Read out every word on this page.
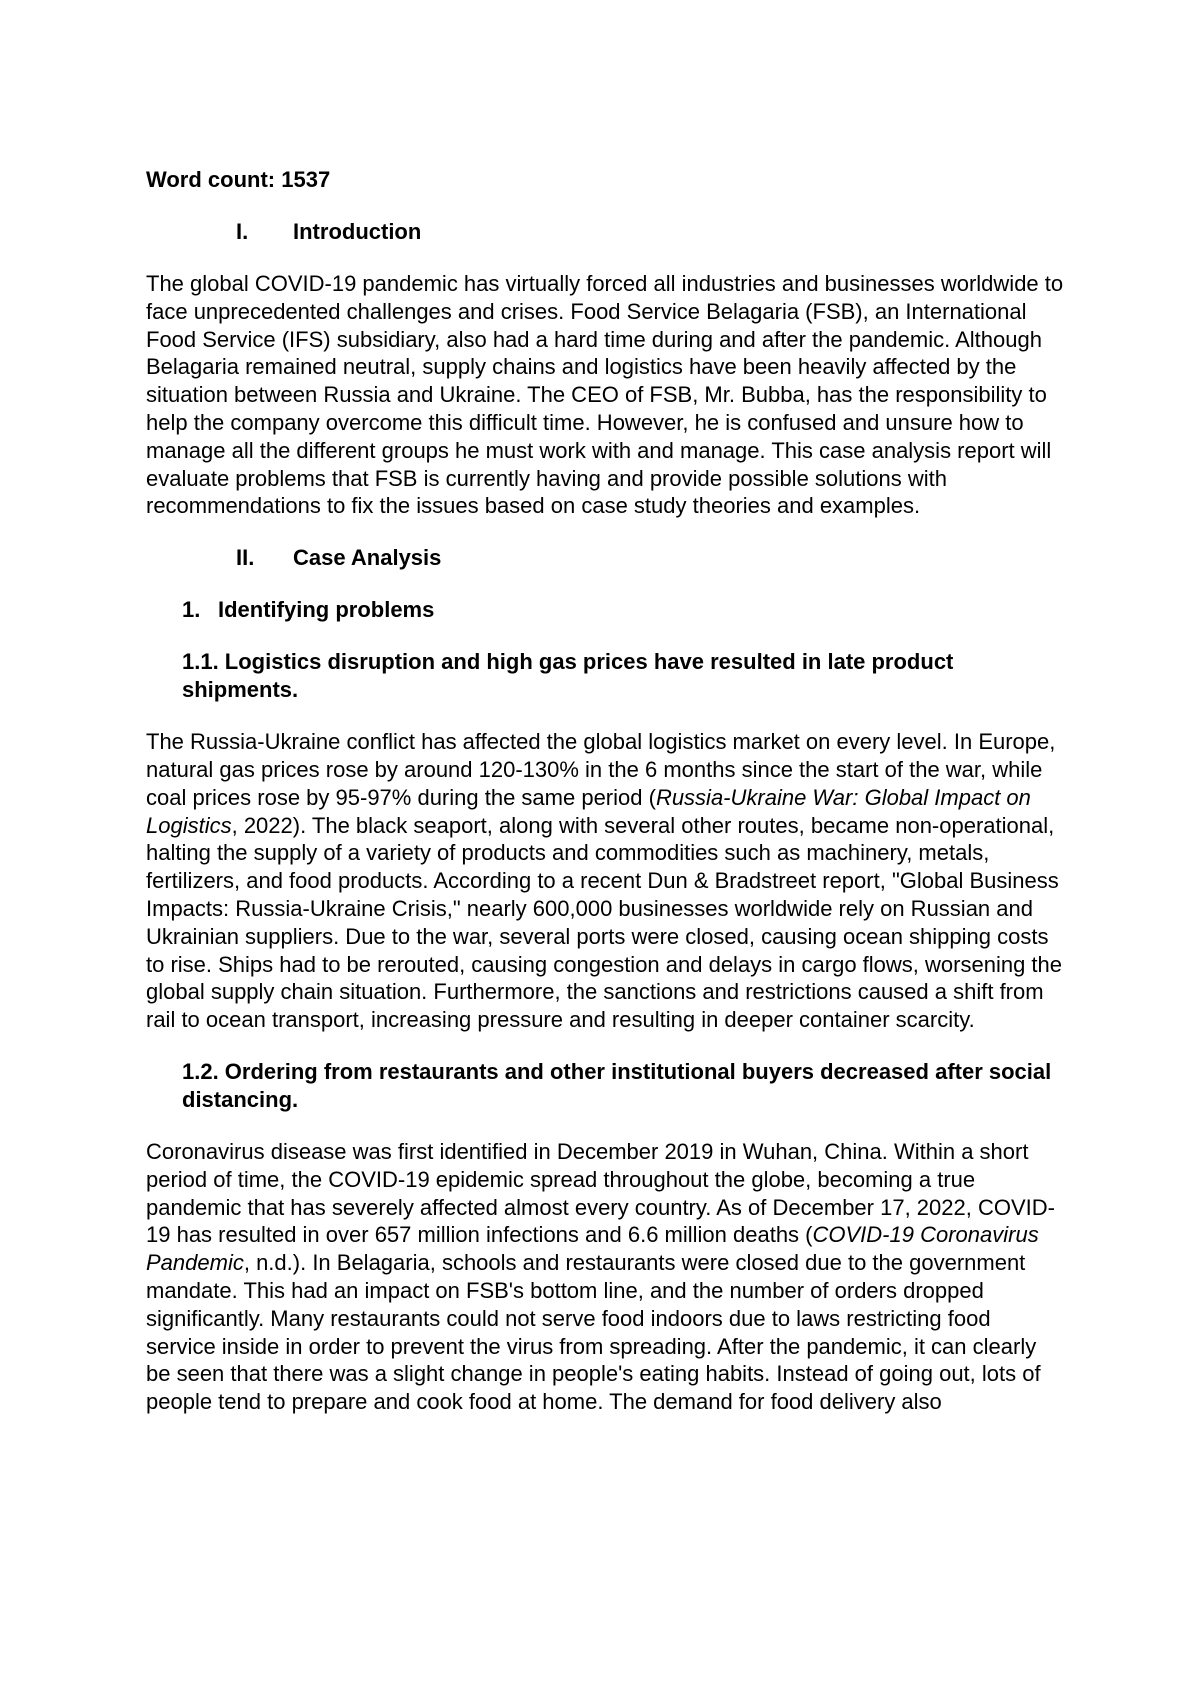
Word count: 1537
I.	Introduction

The global COVID-19 pandemic has virtually forced all industries and businesses worldwide to face unprecedented challenges and crises. Food Service Belagaria (FSB), an International Food Service (IFS) subsidiary, also had a hard time during and after the pandemic. Although Belagaria remained neutral, supply chains and logistics have been heavily affected by the situation between Russia and Ukraine. The CEO of FSB, Mr. Bubba, has the responsibility to help the company overcome this difficult time. However, he is confused and unsure how to manage all the different groups he must work with and manage. This case analysis report will evaluate problems that FSB is currently having and provide possible solutions with recommendations to fix the issues based on case study theories and examples.

II.	Case Analysis
1. Identifying problems
1.1. Logistics disruption and high gas prices have resulted in late product shipments.

The Russia-Ukraine conflict has affected the global logistics market on every level. In Europe, natural gas prices rose by around 120-130% in the 6 months since the start of the war, while coal prices rose by 95-97% during the same period (Russia-Ukraine War: Global Impact on Logistics, 2022). The black seaport, along with several other routes, became non-operational, halting the supply of a variety of products and commodities such as machinery, metals, fertilizers, and food products. According to a recent Dun & Bradstreet report, "Global Business Impacts: Russia-Ukraine Crisis," nearly 600,000 businesses worldwide rely on Russian and Ukrainian suppliers. Due to the war, several ports were closed, causing ocean shipping costs to rise. Ships had to be rerouted, causing congestion and delays in cargo flows, worsening the global supply chain situation. Furthermore, the sanctions and restrictions caused a shift from rail to ocean transport, increasing pressure and resulting in deeper container scarcity.

1.2. Ordering from restaurants and other institutional buyers decreased after social distancing.

Coronavirus disease was first identified in December 2019 in Wuhan, China. Within a short period of time, the COVID-19 epidemic spread throughout the globe, becoming a true pandemic that has severely affected almost every country. As of December 17, 2022, COVID-19 has resulted in over 657 million infections and 6.6 million deaths (COVID-19 Coronavirus Pandemic, n.d.). In Belagaria, schools and restaurants were closed due to the government mandate. This had an impact on FSB's bottom line, and the number of orders dropped significantly. Many restaurants could not serve food indoors due to laws restricting food service inside in order to prevent the virus from spreading. After the pandemic, it can clearly be seen that there was a slight change in people's eating habits. Instead of going out, lots of people tend to prepare and cook food at home. The demand for food delivery also
